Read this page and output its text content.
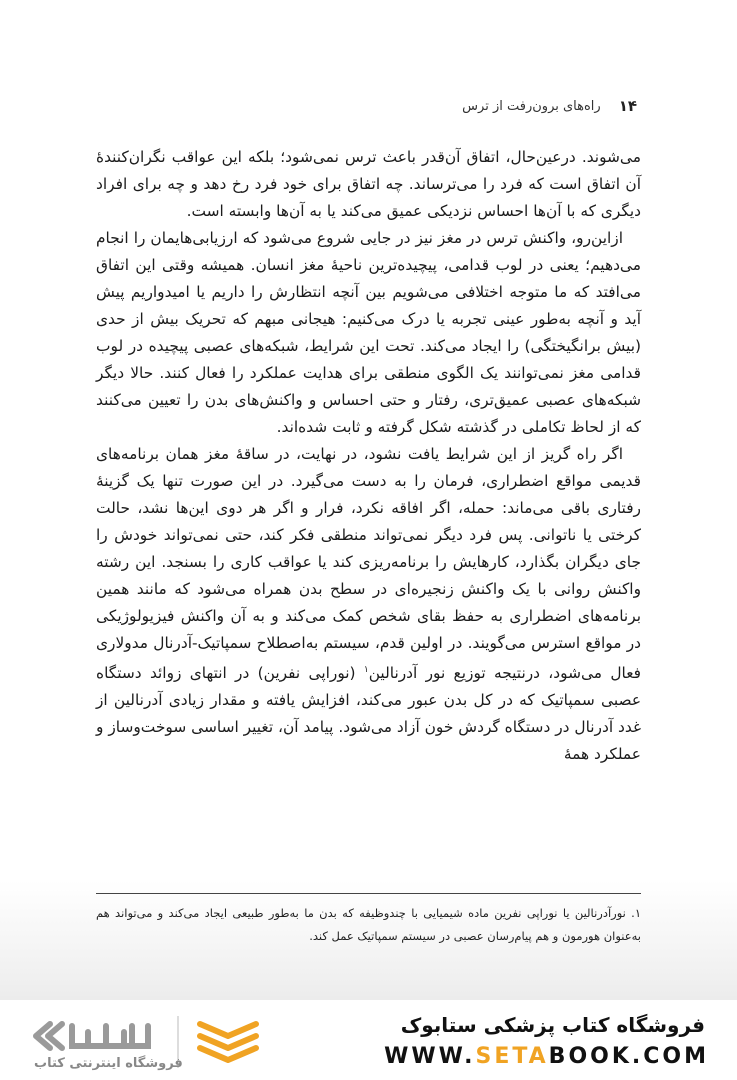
۱۴
راه‌های برون‌رفت از ترس

می‌شوند. درعین‌حال، اتفاق آن‌قدر باعث ترس نمی‌شود؛ بلکه این عواقب نگران‌کنندهٔ آن اتفاق است که فرد را می‌ترساند. چه اتفاق برای خود فرد رخ دهد و چه برای افراد دیگری که با آن‌ها احساس نزدیکی عمیق می‌کند یا به آن‌ها وابسته است.

ازاین‌رو، واکنش ترس در مغز نیز در جایی شروع می‌شود که ارزیابی‌هایمان را انجام می‌دهیم؛ یعنی در لوب قدامی، پیچیده‌ترین ناحیهٔ مغز انسان. همیشه وقتی این اتفاق می‌افتد که ما متوجه اختلافی می‌شویم بین آنچه انتظارش را داریم یا امیدواریم پیش آید و آنچه به‌طور عینی تجربه یا درک می‌کنیم: هیجانی مبهم که تحریک بیش از حدی (بیش برانگیختگی) را ایجاد می‌کند. تحت این شرایط، شبکه‌های عصبی پیچیده در لوب قدامی مغز نمی‌توانند یک الگوی منطقی برای هدایت عملکرد را فعال کنند. حالا دیگر شبکه‌های عصبی عمیق‌تری، رفتار و حتی احساس و واکنش‌های بدن را تعیین می‌کنند که از لحاظ تکاملی در گذشته شکل گرفته و ثابت شده‌اند.

اگر راه گریز از این شرایط یافت نشود، در نهایت، در ساقهٔ مغز همان برنامه‌های قدیمی مواقع اضطراری، فرمان را به دست می‌گیرد. در این صورت تنها یک گزینهٔ رفتاری باقی می‌ماند: حمله، اگر افاقه نکرد، فرار و اگر هر دوی این‌ها نشد، حالت کرختی یا ناتوانی. پس فرد دیگر نمی‌تواند منطقی فکر کند، حتی نمی‌تواند خودش را جای دیگران بگذارد، کارهایش را برنامه‌ریزی کند یا عواقب کاری را بسنجد. این رشته واکنش روانی با یک واکنش زنجیره‌ای در سطح بدن همراه می‌شود که مانند همین برنامه‌های اضطراری به حفظ بقای شخص کمک می‌کند و به آن واکنش فیزیولوژیکی در مواقع استرس می‌گویند. در اولین قدم، سیستم به‌اصطلاح سمپاتیک-آدرنال مدولاری فعال می‌شود، درنتیجه توزیع نور آدرنالین$^۱$ (نوراپی نفرین) در انتهای زوائد دستگاه عصبی سمپاتیک که در کل بدن عبور می‌کند، افزایش یافته و مقدار زیادی آدرنالین از غدد آدرنال در دستگاه گردش خون آزاد می‌شود. پیامد آن، تغییر اساسی سوخت‌وساز و عملکرد همهٔ

۱. نورآدرنالین یا نوراپی نفرین ماده شیمیایی با چندوظیفه که بدن ما به‌طور طبیعی ایجاد می‌کند و می‌تواند هم به‌عنوان هورمون و هم پیام‌رسان عصبی در سیستم سمپاتیک عمل کند.
فروشگاه اینترنتی کتاب
فروشگاه کتاب پزشکی ستابوک
WWW.SETABOOK.COM
